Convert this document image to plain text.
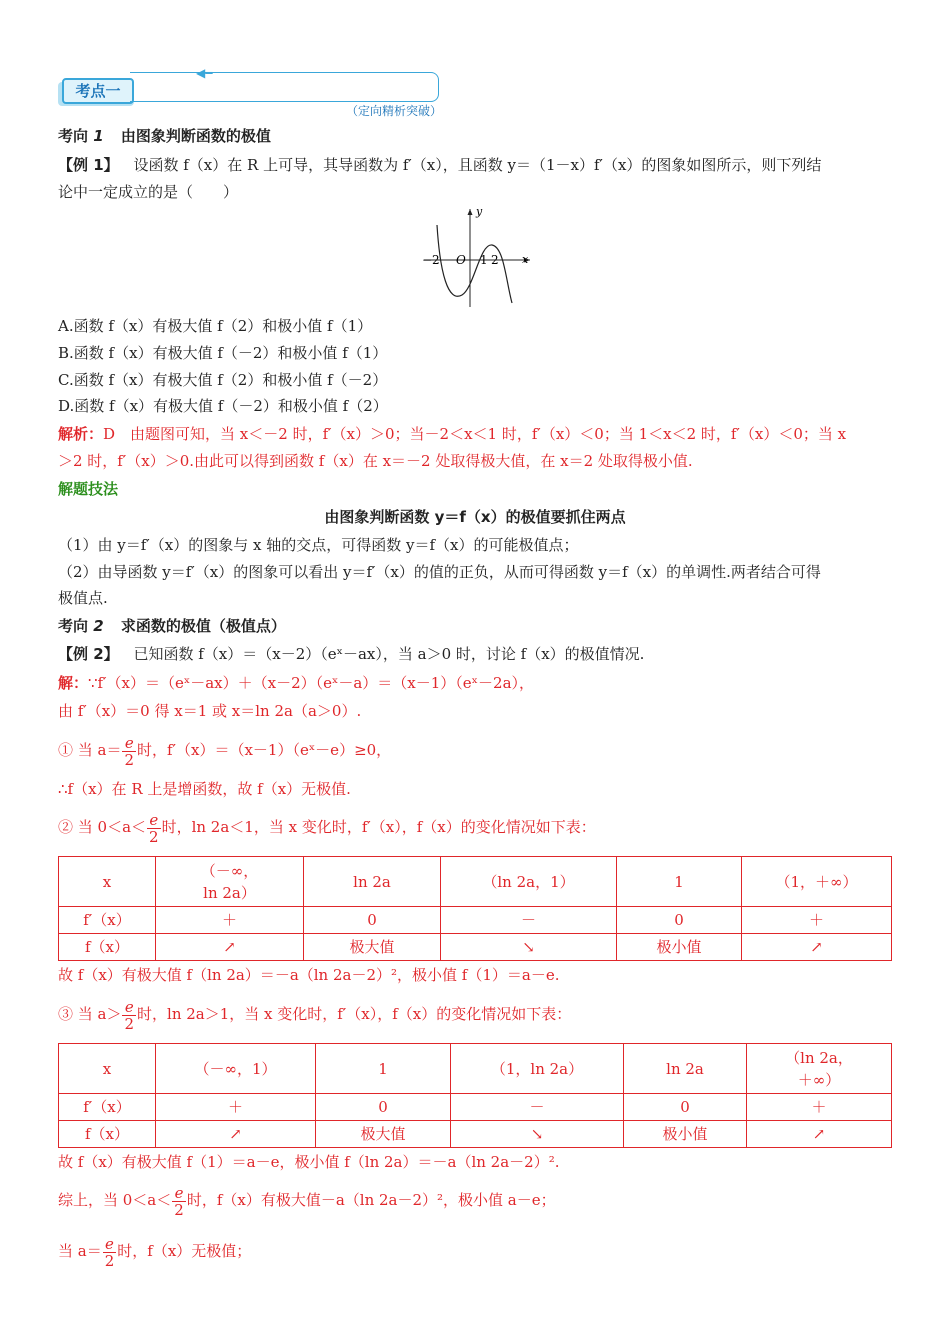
考点一
◀━
（定向精析突破）
考向 1 由图象判断函数的极值
【例 1】 设函数 f（x）在 R 上可导，其导函数为 f′（x），且函数 y＝（1－x）f′（x）的图象如图所示，则下列结
论中一定成立的是（　　）
y
x
O
−2	1 2
A.函数 f（x）有极大值 f（2）和极小值 f（1）
B.函数 f（x）有极大值 f（－2）和极小值 f（1）
C.函数 f（x）有极大值 f（2）和极小值 f（－2）
D.函数 f（x）有极大值 f（－2）和极小值 f（2）
解析：D　由题图可知，当 x＜－2 时，f′（x）＞0；当－2＜x＜1 时，f′（x）＜0；当 1＜x＜2 时，f′（x）＜0；当 x
＞2 时，f′（x）＞0.由此可以得到函数 f（x）在 x＝－2 处取得极大值，在 x＝2 处取得极小值.
解题技法
由图象判断函数 y＝f（x）的极值要抓住两点
（1）由 y＝f′（x）的图象与 x 轴的交点，可得函数 y＝f（x）的可能极值点；
（2）由导函数 y＝f′（x）的图象可以看出 y＝f′（x）的值的正负，从而可得函数 y＝f（x）的单调性.两者结合可得
极值点.
考向 2 求函数的极值（极值点）
【例 2】 已知函数 f（x）＝（x－2）（eˣ－ax），当 a＞0 时，讨论 f（x）的极值情况.
解：∵f′（x）＝（eˣ－ax）＋（x－2）（eˣ－a）＝（x－1）（eˣ－2a），
由 f′（x）＝0 得 x＝1 或 x＝ln 2a（a＞0）.
① 当 $a= \frac{e}{2}$ 时，f′（x）＝（x－1）（eˣ－e）≥0，
∴f（x）在 R 上是增函数，故 f（x）无极值.
② 当 $0<a< \frac{e}{2}$ 时，ln 2a＜1，当 x 变化时，f′（x），f（x）的变化情况如下表：
x	（－∞，
ln 2a）	ln 2a	（ln 2a，1）	1	（1，＋∞）
f′（x）	＋	0	－	0	＋
f（x）	↗	极大值	↘	极小值	↗
故 f（x）有极大值 f（ln 2a）＝－a（ln 2a－2）²，极小值 f（1）＝a－e.
③ 当 $a> \frac{e}{2}$ 时，ln 2a＞1，当 x 变化时，f′（x），f（x）的变化情况如下表：
x	（－∞，1）	1	（1，ln 2a）	ln 2a	（ln 2a，
＋∞）

f′（x）	＋	0	－	0	＋
f（x）	↗	极大值	↘	极小值	↗
故 f（x）有极大值 f（1）＝a－e，极小值 f（ln 2a）＝－a（ln 2a－2）².
综上，当 $0<a< \frac{e}{2}$ 时，f（x）有极大值－a（ln 2a－2）²，极小值 a－e；
当 $a= \frac{e}{2}$ 时，f（x）无极值；
